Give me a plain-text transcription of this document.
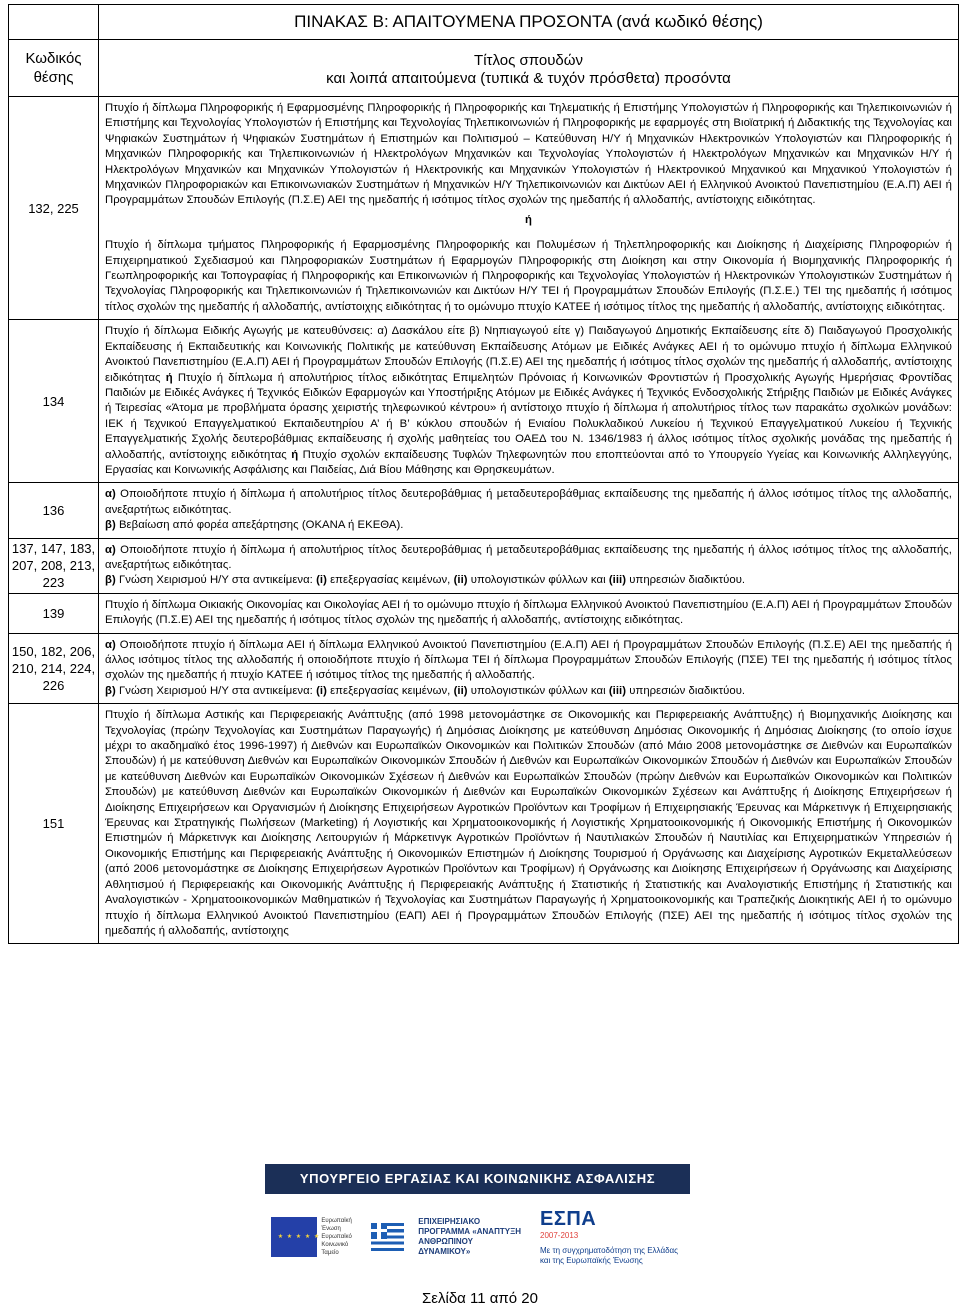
	ΠΙΝΑΚΑΣ Β: ΑΠΑΙΤΟΥΜΕΝΑ ΠΡΟΣΟΝΤΑ (ανά κωδικό θέσης)
Κωδικός θέσης	Τίτλος σπουδών
και λοιπά απαιτούμενα (τυπικά & τυχόν πρόσθετα) προσόντα

132, 225	Πτυχίο ή δίπλωμα Πληροφορικής ή Εφαρμοσμένης Πληροφορικής ή Πληροφορικής και Τηλεματικής ή Επιστήμης Υπολογιστών ή Πληροφορικής και Τηλεπικοινωνιών ή Επιστήμης και Τεχνολογίας Υπολογιστών ή Επιστήμης και Τεχνολογίας Τηλεπικοινωνιών ή Πληροφορικής με εφαρμογές στη Βιοϊατρική ή Διδακτικής της Τεχνολογίας και Ψηφιακών Συστημάτων ή Ψηφιακών Συστημάτων ή Επιστημών και Πολιτισμού – Κατεύθυνση Η/Υ ή Μηχανικών Ηλεκτρονικών Υπολογιστών και Πληροφορικής ή Μηχανικών Πληροφορικής και Τηλεπικοινωνιών ή Ηλεκτρολόγων Μηχανικών και Τεχνολογίας Υπολογιστών ή Ηλεκτρολόγων Μηχανικών και Μηχανικών Η/Υ ή Ηλεκτρολόγων Μηχανικών και Μηχανικών Υπολογιστών ή Ηλεκτρονικής και Μηχανικών Υπολογιστών ή Ηλεκτρονικού Μηχανικού και Μηχανικού Υπολογιστών ή Μηχανικών Πληροφοριακών και Επικοινωνιακών Συστημάτων ή Μηχανικών Η/Υ Τηλεπικοινωνιών και Δικτύων ΑΕΙ ή Ελληνικού Ανοικτού Πανεπιστημίου (Ε.Α.Π) ΑΕΙ ή Προγραμμάτων Σπουδών Επιλογής (Π.Σ.Ε) ΑΕΙ της ημεδαπής ή ισότιμος τίτλος σχολών της ημεδαπής ή αλλοδαπής, αντίστοιχης ειδικότητας.

ή

Πτυχίο ή δίπλωμα τμήματος Πληροφορικής ή Εφαρμοσμένης Πληροφορικής και Πολυμέσων ή Τηλεπληροφορικής και Διοίκησης ή Διαχείρισης Πληροφοριών ή Επιχειρηματικού Σχεδιασμού και Πληροφοριακών Συστημάτων ή Εφαρμογών Πληροφορικής στη Διοίκηση και στην Οικονομία ή Βιομηχανικής Πληροφορικής ή Γεωπληροφορικής και Τοπογραφίας ή Πληροφορικής και Επικοινωνιών ή Πληροφορικής και Τεχνολογίας Υπολογιστών ή Ηλεκτρονικών Υπολογιστικών Συστημάτων ή Τεχνολογίας Πληροφορικής και Τηλεπικοινωνιών ή Τηλεπικοινωνιών και Δικτύων Η/Υ ΤΕΙ ή Προγραμμάτων Σπουδών Επιλογής (Π.Σ.Ε.) ΤΕΙ της ημεδαπής ή ισότιμος τίτλος σχολών της ημεδαπής ή αλλοδαπής, αντίστοιχης ειδικότητας ή το ομώνυμο πτυχίο ΚΑΤΕΕ ή ισότιμος τίτλος της ημεδαπής ή αλλοδαπής, αντίστοιχης ειδικότητας.

134	Πτυχίο ή δίπλωμα Ειδικής Αγωγής με κατευθύνσεις: α) Δασκάλου είτε β) Νηπιαγωγού είτε γ) Παιδαγωγού Δημοτικής Εκπαίδευσης είτε δ) Παιδαγωγού Προσχολικής Εκπαίδευσης ή Εκπαιδευτικής και Κοινωνικής Πολιτικής με κατεύθυνση Εκπαίδευσης Ατόμων με Ειδικές Ανάγκες ΑΕΙ ή το ομώνυμο πτυχίο ή δίπλωμα Ελληνικού Ανοικτού Πανεπιστημίου (Ε.Α.Π) ΑΕΙ ή Προγραμμάτων Σπουδών Επιλογής (Π.Σ.Ε) ΑΕΙ της ημεδαπής ή ισότιμος τίτλος σχολών της ημεδαπής ή αλλοδαπής, αντίστοιχης ειδικότητας ή Πτυχίο ή δίπλωμα ή απολυτήριος τίτλος ειδικότητας Επιμελητών Πρόνοιας ή Κοινωνικών Φροντιστών ή Προσχολικής Αγωγής Ημερήσιας Φροντίδας Παιδιών με Ειδικές Ανάγκες ή Τεχνικός Ειδικών Εφαρμογών και Υποστήριξης Ατόμων με Ειδικές Ανάγκες ή Τεχνικός Ενδοσχολικής Στήριξης Παιδιών με Ειδικές Ανάγκες ή Τειρεσίας «Άτομα με προβλήματα όρασης χειριστής τηλεφωνικού κέντρου» ή αντίστοιχο πτυχίο ή δίπλωμα ή απολυτήριος τίτλος των παρακάτω σχολικών μονάδων: ΙΕΚ ή Τεχνικού Επαγγελματικού Εκπαιδευτηρίου Α’ ή Β’ κύκλου σπουδών ή Ενιαίου Πολυκλαδικού Λυκείου ή Τεχνικού Επαγγελματικού Λυκείου ή Τεχνικής Επαγγελματικής Σχολής δευτεροβάθμιας εκπαίδευσης ή σχολής μαθητείας του ΟΑΕΔ του Ν. 1346/1983 ή άλλος ισότιμος τίτλος σχολικής μονάδας της ημεδαπής ή αλλοδαπής, αντίστοιχης ειδικότητας ή Πτυχίο σχολών εκπαίδευσης Τυφλών Τηλεφωνητών που εποπτεύονται από το Υπουργείο Υγείας και Κοινωνικής Αλληλεγγύης, Εργασίας και Κοινωνικής Ασφάλισης και Παιδείας, Διά Βίου Μάθησης και Θρησκευμάτων.

136	α) Οποιοδήποτε πτυχίο ή δίπλωμα ή απολυτήριος τίτλος δευτεροβάθμιας ή μεταδευτεροβάθμιας εκπαίδευσης της ημεδαπής ή άλλος ισότιμος τίτλος της αλλοδαπής, ανεξαρτήτως ειδικότητας.

β) Βεβαίωση από φορέα απεξάρτησης (ΟΚΑΝΑ ή ΕΚΕΘΑ).

137, 147, 183, 207, 208, 213, 223	α) Οποιοδήποτε πτυχίο ή δίπλωμα ή απολυτήριος τίτλος δευτεροβάθμιας ή μεταδευτεροβάθμιας εκπαίδευσης της ημεδαπής ή άλλος ισότιμος τίτλος της αλλοδαπής, ανεξαρτήτως ειδικότητας.

β) Γνώση Χειρισμού Η/Υ στα αντικείμενα: (i) επεξεργασίας κειμένων, (ii) υπολογιστικών φύλλων και (iii) υπηρεσιών διαδικτύου.

139	Πτυχίο ή δίπλωμα Οικιακής Οικονομίας και Οικολογίας ΑΕΙ ή το ομώνυμο πτυχίο ή δίπλωμα Ελληνικού Ανοικτού Πανεπιστημίου (Ε.Α.Π) ΑΕΙ ή Προγραμμάτων Σπουδών Επιλογής (Π.Σ.Ε) ΑΕΙ της ημεδαπής ή ισότιμος τίτλος σχολών της ημεδαπής ή αλλοδαπής, αντίστοιχης ειδικότητας.

150, 182, 206, 210, 214, 224, 226	α) Οποιοδήποτε πτυχίο ή δίπλωμα ΑΕΙ ή δίπλωμα Ελληνικού Ανοικτού Πανεπιστημίου (Ε.Α.Π) ΑΕΙ ή Προγραμμάτων Σπουδών Επιλογής (Π.Σ.Ε) ΑΕΙ της ημεδαπής ή άλλος ισότιμος τίτλος της αλλοδαπής ή οποιοδήποτε πτυχίο ή δίπλωμα ΤΕΙ ή δίπλωμα Προγραμμάτων Σπουδών Επιλογής (ΠΣΕ) ΤΕΙ της ημεδαπής ή ισότιμος τίτλος σχολών της ημεδαπής ή πτυχίο ΚΑΤΕΕ ή ισότιμος τίτλος της ημεδαπής ή αλλοδαπής.

β) Γνώση Χειρισμού Η/Υ στα αντικείμενα: (i) επεξεργασίας κειμένων, (ii) υπολογιστικών φύλλων και (iii) υπηρεσιών διαδικτύου.

151	Πτυχίο ή δίπλωμα Αστικής και Περιφερειακής Ανάπτυξης (από 1998 μετονομάστηκε σε Οικονομικής και Περιφερειακής Ανάπτυξης) ή Βιομηχανικής Διοίκησης και Τεχνολογίας (πρώην Τεχνολογίας και Συστημάτων Παραγωγής) ή Δημόσιας Διοίκησης με κατεύθυνση Δημόσιας Οικονομικής ή Δημόσιας Διοίκησης (το οποίο ίσχυε μέχρι το ακαδημαϊκό έτος 1996-1997) ή Διεθνών και Ευρωπαϊκών Οικονομικών και Πολιτικών Σπουδών (από Μάιο 2008 μετονομάστηκε σε Διεθνών και Ευρωπαϊκών Σπουδών) ή με κατεύθυνση Διεθνών και Ευρωπαϊκών Οικονομικών Σπουδών ή Διεθνών και Ευρωπαϊκών Οικονομικών Σπουδών ή Διεθνών και Ευρωπαϊκών Σπουδών με κατεύθυνση Διεθνών και Ευρωπαϊκών Οικονομικών Σχέσεων ή Διεθνών και Ευρωπαϊκών Σπουδών (πρώην Διεθνών και Ευρωπαϊκών Οικονομικών και Πολιτικών Σπουδών) με κατεύθυνση Διεθνών και Ευρωπαϊκών Οικονομικών ή Διεθνών και Ευρωπαϊκών Οικονομικών Σχέσεων και Ανάπτυξης ή Διοίκησης Επιχειρήσεων ή Διοίκησης Επιχειρήσεων και Οργανισμών ή Διοίκησης Επιχειρήσεων Αγροτικών Προϊόντων και Τροφίμων ή Επιχειρησιακής Έρευνας και Μάρκετινγκ ή Επιχειρησιακής Έρευνας και Στρατηγικής Πωλήσεων (Marketing) ή Λογιστικής και Χρηματοοικονομικής ή Λογιστικής Χρηματοοικονομικής ή Οικονομικής Επιστήμης ή Οικονομικών Επιστημών ή Μάρκετινγκ και Διοίκησης Λειτουργιών ή Μάρκετινγκ Αγροτικών Προϊόντων ή Ναυτιλιακών Σπουδών ή Ναυτιλίας και Επιχειρηματικών Υπηρεσιών ή Οικονομικής Επιστήμης και Περιφερειακής Ανάπτυξης ή Οικονομικών Επιστημών ή Διοίκησης Τουρισμού ή Οργάνωσης και Διαχείρισης Αγροτικών Εκμεταλλεύσεων (από 2006 μετονομάστηκε σε Διοίκησης Επιχειρήσεων Αγροτικών Προϊόντων και Τροφίμων) ή Οργάνωσης και Διοίκησης Επιχειρήσεων ή Οργάνωσης και Διαχείρισης Αθλητισμού ή Περιφερειακής και Οικονομικής Ανάπτυξης ή Περιφερειακής Ανάπτυξης ή Στατιστικής ή Στατιστικής και Αναλογιστικής Επιστήμης ή Στατιστικής και Αναλογιστικών - Χρηματοοικονομικών Μαθηματικών ή Τεχνολογίας και Συστημάτων Παραγωγής ή Χρηματοοικονομικής και Τραπεζικής Διοικητικής ΑΕΙ ή το ομώνυμο πτυχίο ή δίπλωμα Ελληνικού Ανοικτού Πανεπιστημίου (ΕΑΠ) ΑΕΙ ή Προγραμμάτων Σπουδών Επιλογής (ΠΣΕ) ΑΕΙ της ημεδαπής ή ισότιμος τίτλος σχολών της ημεδαπής ή αλλοδαπής, αντίστοιχης

ΥΠΟΥΡΓΕΙΟ ΕΡΓΑΣΙΑΣ ΚΑΙ ΚΟΙΝΩΝΙΚΗΣ ΑΣΦΑΛΙΣΗΣ
★ ★ ★ ★ ★
Ευρωπαϊκή Ένωση Ευρωπαϊκό Κοινωνικό Ταμείο
ΕΠΙΧΕΙΡΗΣΙΑΚΟ ΠΡΟΓΡΑΜΜΑ «ΑΝΑΠΤΥΞΗ ΑΝΘΡΩΠΙΝΟΥ ΔΥΝΑΜΙΚΟΥ»
ΕΣΠΑ
2007-2013
Με τη συγχρηματοδότηση της Ελλάδας και της Ευρωπαϊκής Ένωσης
Σελίδα 11 από 20
